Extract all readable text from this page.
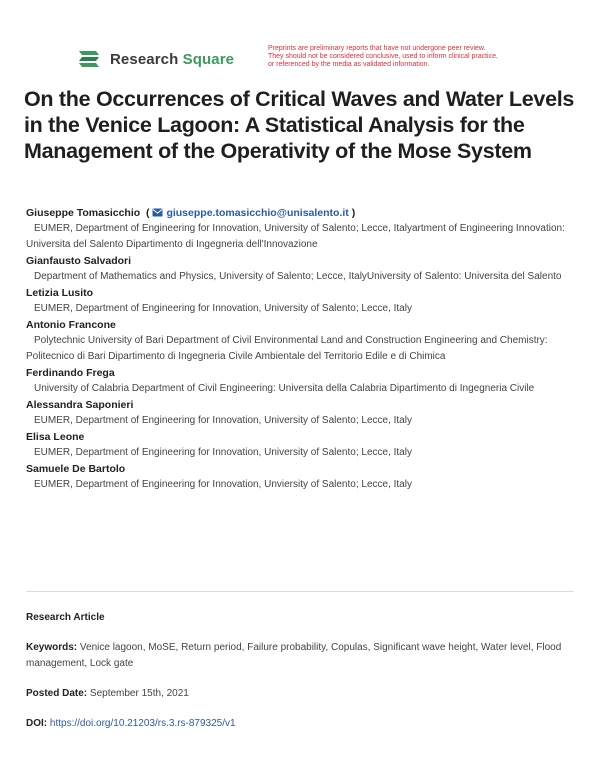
Research Square
Preprints are preliminary reports that have not undergone peer review.
They should not be considered conclusive, used to inform clinical practice,
or referenced by the media as validated information.
On the Occurrences of Critical Waves and Water Levels in the Venice Lagoon: A Statistical Analysis for the Management of the Operativity of the Mose System
Giuseppe Tomasicchio  ( giuseppe.tomasicchio@unisalento.it )
EUMER, Department of Engineering for Innovation, University of Salento; Lecce, Italyartment of Engineering Innovation: Universita del Salento Dipartimento di Ingegneria dell'Innovazione
Gianfausto Salvadori
Department of Mathematics and Physics, University of Salento; Lecce, ItalyUniversity of Salento: Universita del Salento
Letizia Lusito
EUMER, Department of Engineering for Innovation, University of Salento; Lecce, Italy
Antonio Francone
Polytechnic University of Bari Department of Civil Environmental Land and Construction Engineering and Chemistry: Politecnico di Bari Dipartimento di Ingegneria Civile Ambientale del Territorio Edile e di Chimica
Ferdinando Frega
University of Calabria Department of Civil Engineering: Universita della Calabria Dipartimento di Ingegneria Civile
Alessandra Saponieri
EUMER, Department of Engineering for Innovation, University of Salento; Lecce, Italy
Elisa Leone
EUMER, Department of Engineering for Innovation, University of Salento; Lecce, Italy
Samuele De Bartolo
EUMER, Department of Engineering for Innovation, Unviersity of Salento; Lecce, Italy
Research Article
Keywords: Venice lagoon, MoSE, Return period, Failure probability, Copulas, Significant wave height, Water level, Flood management, Lock gate
Posted Date: September 15th, 2021
DOI: https://doi.org/10.21203/rs.3.rs-879325/v1
